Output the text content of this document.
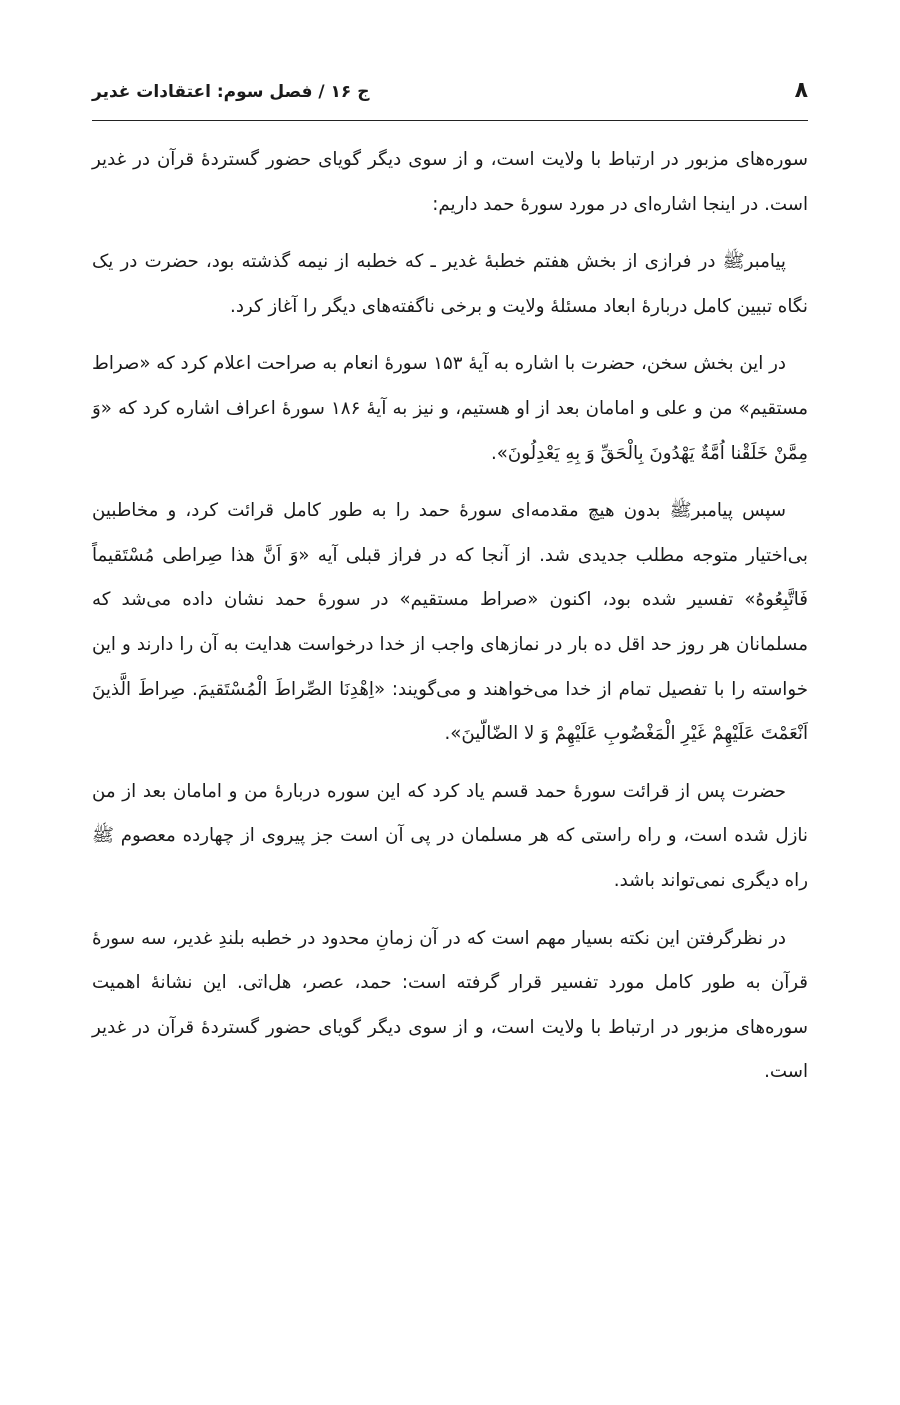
۸
ج ۱۶ / فصل سوم: اعتقادات غدیر

سوره‌های مزبور در ارتباط با ولایت است، و از سوی دیگر گویای حضور گستردهٔ قرآن در غدیر است. در اینجا اشاره‌ای در مورد سورهٔ حمد داریم:

پیامبرﷺ در فرازی از بخش هفتم خطبهٔ غدیر ـ که خطبه از نیمه گذشته بود، حضرت در یک نگاه تبیین کامل دربارهٔ ابعاد مسئلهٔ ولایت و برخی ناگفته‌های دیگر را آغاز کرد.

در این بخش سخن، حضرت با اشاره به آیهٔ ۱۵۳ سورهٔ انعام به صراحت اعلام کرد که «صراط مستقیم» من و علی و امامان بعد از او هستیم، و نیز به آیهٔ ۱۸۶ سورهٔ اعراف اشاره کرد که «وَ مِمَّنْ خَلَقْنا اُمَّةٌ یَهْدُونَ بِالْحَقِّ وَ بِهِ یَعْدِلُونَ».

سپس پیامبرﷺ بدون هیچ مقدمه‌ای سورهٔ حمد را به طور کامل قرائت کرد، و مخاطبین بی‌اختیار متوجه مطلب جدیدی شد. از آنجا که در فراز قبلی آیه «وَ اَنَّ هذا صِراطی مُسْتَقیماً فَاتَّبِعُوهُ» تفسیر شده بود، اکنون «صراط مستقیم» در سورهٔ حمد نشان داده می‌شد که مسلمانان هر روز حد اقل ده بار در نمازهای واجب از خدا درخواست هدایت به آن را دارند و این خواسته را با تفصیل تمام از خدا می‌خواهند و می‌گویند: «اِهْدِنَا الصِّراطَ الْمُسْتَقیمَ. صِراطَ الَّذینَ اَنْعَمْتَ عَلَیْهِمْ غَیْرِ الْمَغْضُوبِ عَلَیْهِمْ وَ لا الضّالّینَ».

حضرت پس از قرائت سورهٔ حمد قسم یاد کرد که این سوره دربارهٔ من و امامان بعد از من نازل شده است، و راه راستی که هر مسلمان در پی آن است جز پیروی از چهارده معصوم ﷺ راه دیگری نمی‌تواند باشد.

در نظرگرفتن این نکته بسیار مهم است که در آن زمانِ محدود در خطبه بلندِ غدیر، سه سورهٔ قرآن به طور کامل مورد تفسیر قرار گرفته است: حمد، عصر، هل‌اتی. این نشانهٔ اهمیت سوره‌های مزبور در ارتباط با ولایت است، و از سوی دیگر گویای حضور گستردهٔ قرآن در غدیر است.
